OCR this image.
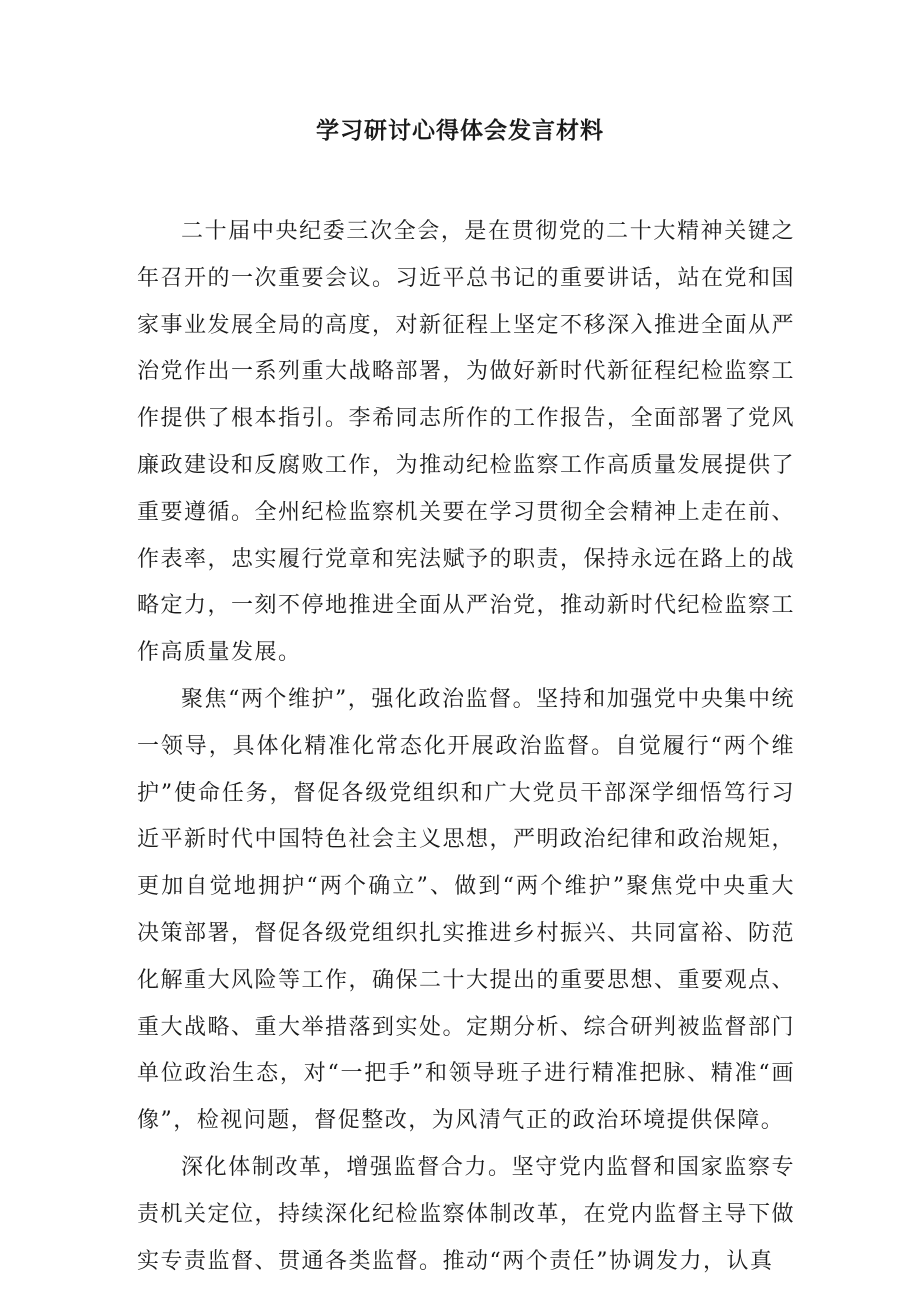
学习研讨心得体会发言材料

二十届中央纪委三次全会，是在贯彻党的二十大精神关键之年召开的一次重要会议。习近平总书记的重要讲话，站在党和国家事业发展全局的高度，对新征程上坚定不移深入推进全面从严治党作出一系列重大战略部署，为做好新时代新征程纪检监察工作提供了根本指引。李希同志所作的工作报告，全面部署了党风廉政建设和反腐败工作，为推动纪检监察工作高质量发展提供了重要遵循。全州纪检监察机关要在学习贯彻全会精神上走在前、作表率，忠实履行党章和宪法赋予的职责，保持永远在路上的战略定力，一刻不停地推进全面从严治党，推动新时代纪检监察工作高质量发展。

聚焦“两个维护”，强化政治监督。坚持和加强党中央集中统一领导，具体化精准化常态化开展政治监督。自觉履行“两个维护”使命任务，督促各级党组织和广大党员干部深学细悟笃行习近平新时代中国特色社会主义思想，严明政治纪律和政治规矩，更加自觉地拥护“两个确立”、做到“两个维护”聚焦党中央重大决策部署，督促各级党组织扎实推进乡村振兴、共同富裕、防范化解重大风险等工作，确保二十大提出的重要思想、重要观点、重大战略、重大举措落到实处。定期分析、综合研判被监督部门单位政治生态，对“一把手”和领导班子进行精准把脉、精准“画像”，检视问题，督促整改，为风清气正的政治环境提供保障。

深化体制改革，增强监督合力。坚守党内监督和国家监察专责机关定位，持续深化纪检监察体制改革，在党内监督主导下做实专责监督、贯通各类监督。推动“两个责任”协调发力，认真
